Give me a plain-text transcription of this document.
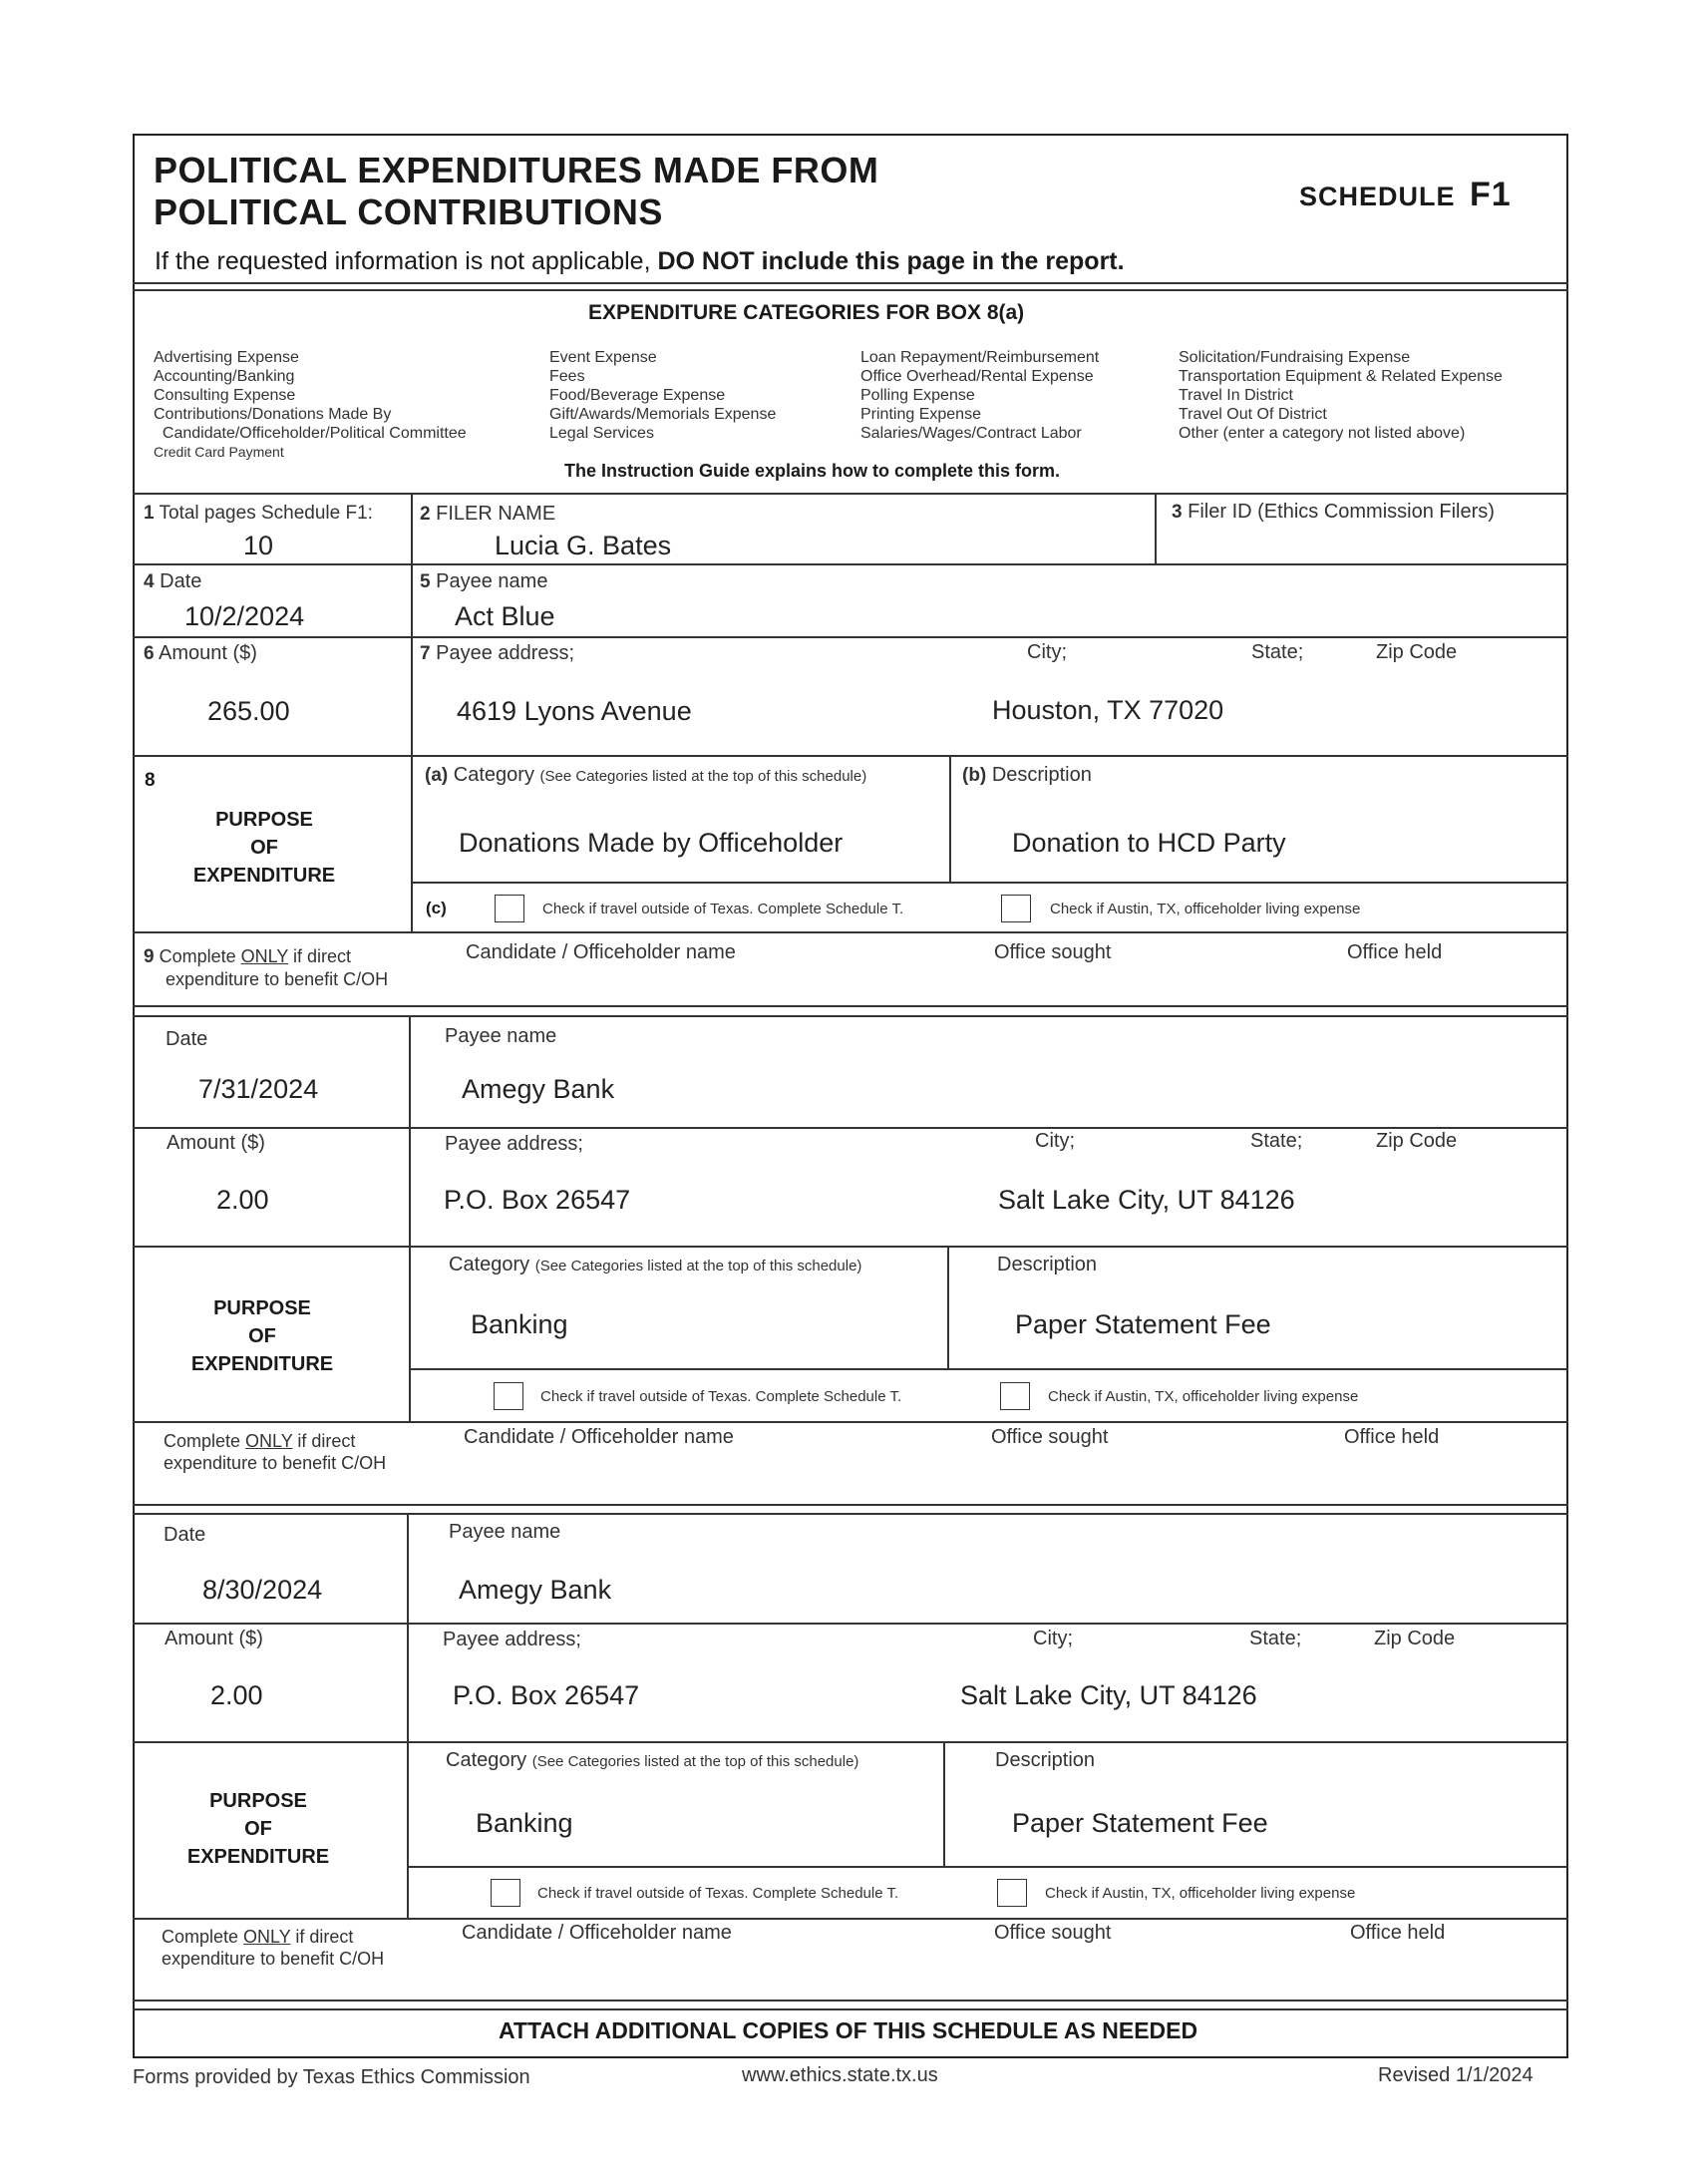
POLITICAL EXPENDITURES MADE FROM
POLITICAL CONTRIBUTIONS	SCHEDULE F1
If the requested information is not applicable, DO NOT include this page in the report.
EXPENDITURE CATEGORIES FOR BOX 8(a)
Advertising Expense
Accounting/Banking
Consulting Expense
Contributions/Donations Made By
Candidate/Officeholder/Political Committee
Credit Card Payment
Event Expense
Fees
Food/Beverage Expense
Gift/Awards/Memorials Expense
Legal Services
Loan Repayment/Reimbursement
Office Overhead/Rental Expense
Polling Expense
Printing Expense
Salaries/Wages/Contract Labor
Solicitation/Fundraising Expense
Transportation Equipment & Related Expense
Travel In District
Travel Out Of District
Other (enter a category not listed above)
The Instruction Guide explains how to complete this form.
1 Total pages Schedule F1:
10
2 FILER NAME
Lucia G. Bates
3 Filer ID (Ethics Commission Filers)
4 Date
10/2/2024
5 Payee name
Act Blue
6 Amount ($)
265.00
7 Payee address;	City;	State;	Zip Code
4619 Lyons Avenue	Houston, TX 77020
8
PURPOSE
OF
EXPENDITURE
(a) Category (See Categories listed at the top of this schedule)
Donations Made by Officeholder
(b) Description
Donation to HCD Party
(c)	Check if travel outside of Texas. Complete Schedule T.	Check if Austin, TX, officeholder living expense
9 Complete ONLY if direct
expenditure to benefit C/OH
Candidate / Officeholder name	Office sought	Office held
Date
7/31/2024
Payee name
Amegy Bank
Amount ($)
2.00
Payee address;	City;	State;	Zip Code
P.O. Box 26547	Salt Lake City, UT 84126
PURPOSE
OF
EXPENDITURE
Category (See Categories listed at the top of this schedule)
Banking
Description
Paper Statement Fee
Check if travel outside of Texas. Complete Schedule T.	Check if Austin, TX, officeholder living expense
Complete ONLY if direct
expenditure to benefit C/OH
Candidate / Officeholder name	Office sought	Office held
Date
8/30/2024
Payee name
Amegy Bank
Amount ($)
2.00
Payee address;	City;	State;	Zip Code
P.O. Box 26547	Salt Lake City, UT 84126
PURPOSE
OF
EXPENDITURE
Category (See Categories listed at the top of this schedule)
Banking
Description
Paper Statement Fee
Check if travel outside of Texas. Complete Schedule T.	Check if Austin, TX, officeholder living expense
Complete ONLY if direct
expenditure to benefit C/OH
Candidate / Officeholder name	Office sought	Office held
ATTACH ADDITIONAL COPIES OF THIS SCHEDULE AS NEEDED
Forms provided by Texas Ethics Commission	www.ethics.state.tx.us	Revised 1/1/2024
